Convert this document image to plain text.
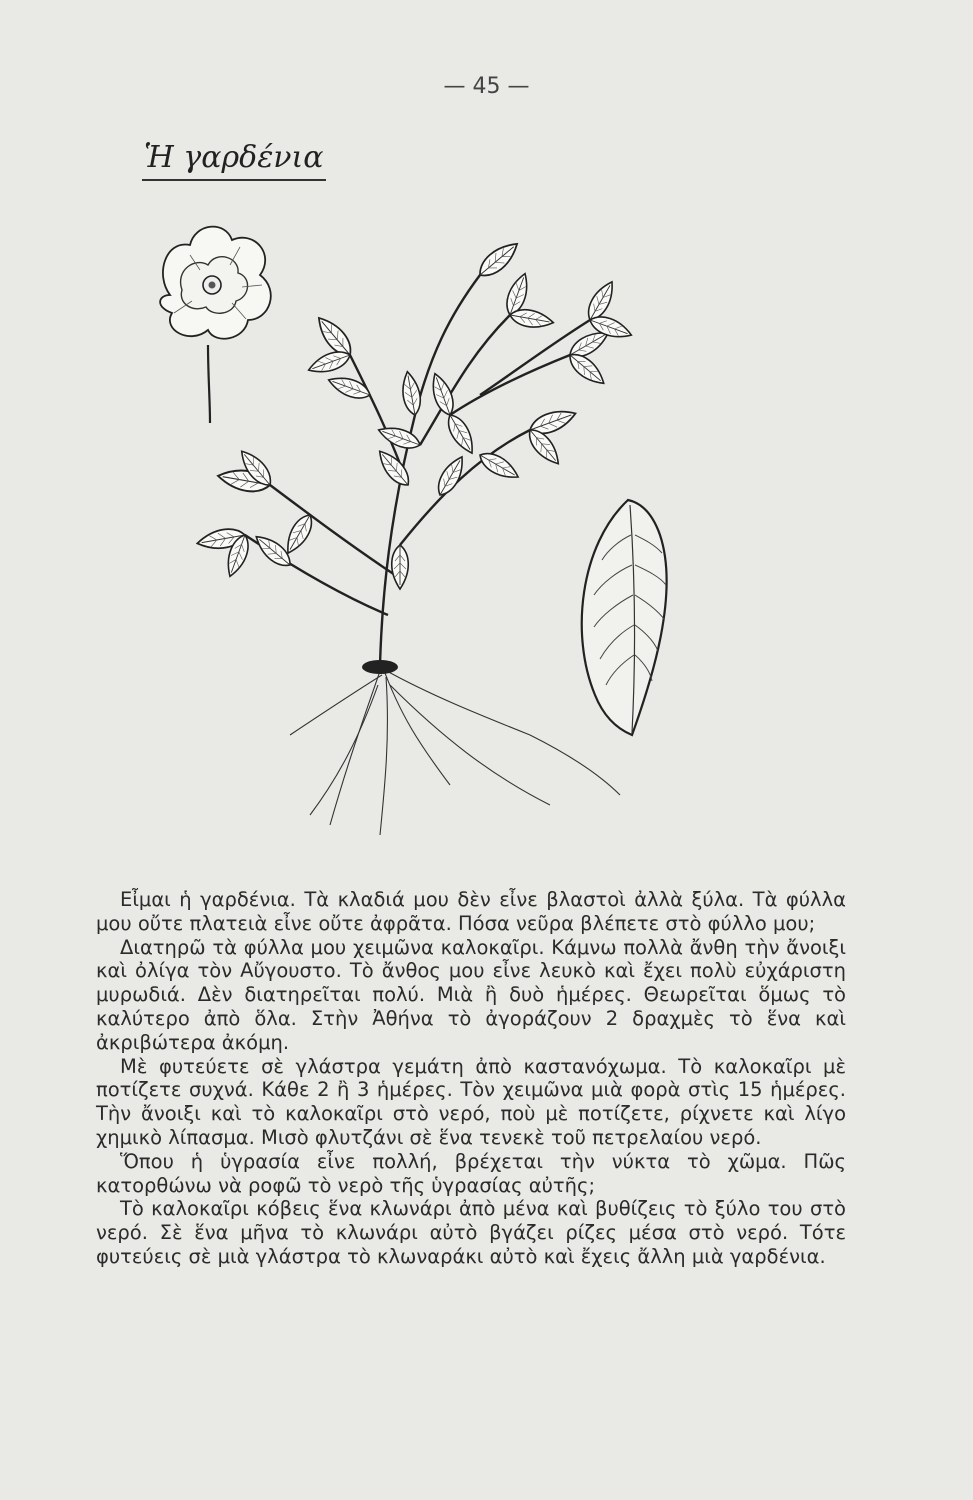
— 45 —
Ἡ γαρδένια

Εἶμαι ἡ γαρδένια. Τὰ κλαδιά μου δὲν εἶνε βλαστοὶ ἀλλὰ ξύλα. Τὰ φύλλα μου οὔτε πλατειὰ εἶνε οὔτε ἀφρᾶτα. Πόσα νεῦρα βλέπετε στὸ φύλλο μου;

Διατηρῶ τὰ φύλλα μου χειμῶνα καλοκαῖρι. Κάμνω πολλὰ ἄνθη τὴν ἄνοιξι καὶ ὀλίγα τὸν Αὔγουστο. Τὸ ἄνθος μου εἶνε λευκὸ καὶ ἔχει πολὺ εὐχάριστη μυρωδιά. Δὲν διατηρεῖται πολύ. Μιὰ ἢ δυὸ ἡμέρες. Θεωρεῖται ὅμως τὸ καλύτερο ἀπὸ ὅλα. Στὴν Ἀθήνα τὸ ἀγοράζουν 2 δραχμὲς τὸ ἕνα καὶ ἀκριβώτερα ἀκόμη.

Μὲ φυτεύετε σὲ γλάστρα γεμάτη ἀπὸ καστανόχωμα. Τὸ καλοκαῖρι μὲ ποτίζετε συχνά. Κάθε 2 ἢ 3 ἡμέρες. Τὸν χειμῶνα μιὰ φορὰ στὶς 15 ἡμέρες. Τὴν ἄνοιξι καὶ τὸ καλοκαῖρι στὸ νερό, ποὺ μὲ ποτίζετε, ρίχνετε καὶ λίγο χημικὸ λίπασμα. Μισὸ φλυτζάνι σὲ ἕνα τενεκὲ τοῦ πετρελαίου νερό.

Ὅπου ἡ ὑγρασία εἶνε πολλή, βρέχεται τὴν νύκτα τὸ χῶμα. Πῶς κατορθώνω νὰ ροφῶ τὸ νερὸ τῆς ὑγρασίας αὐτῆς;

Τὸ καλοκαῖρι κόβεις ἕνα κλωνάρι ἀπὸ μένα καὶ βυθίζεις τὸ ξύλο του στὸ νερό. Σὲ ἕνα μῆνα τὸ κλωνάρι αὐτὸ βγάζει ρίζες μέσα στὸ νερό. Τότε φυτεύεις σὲ μιὰ γλάστρα τὸ κλωναράκι αὐτὸ καὶ ἔχεις ἄλλη μιὰ γαρδένια.
